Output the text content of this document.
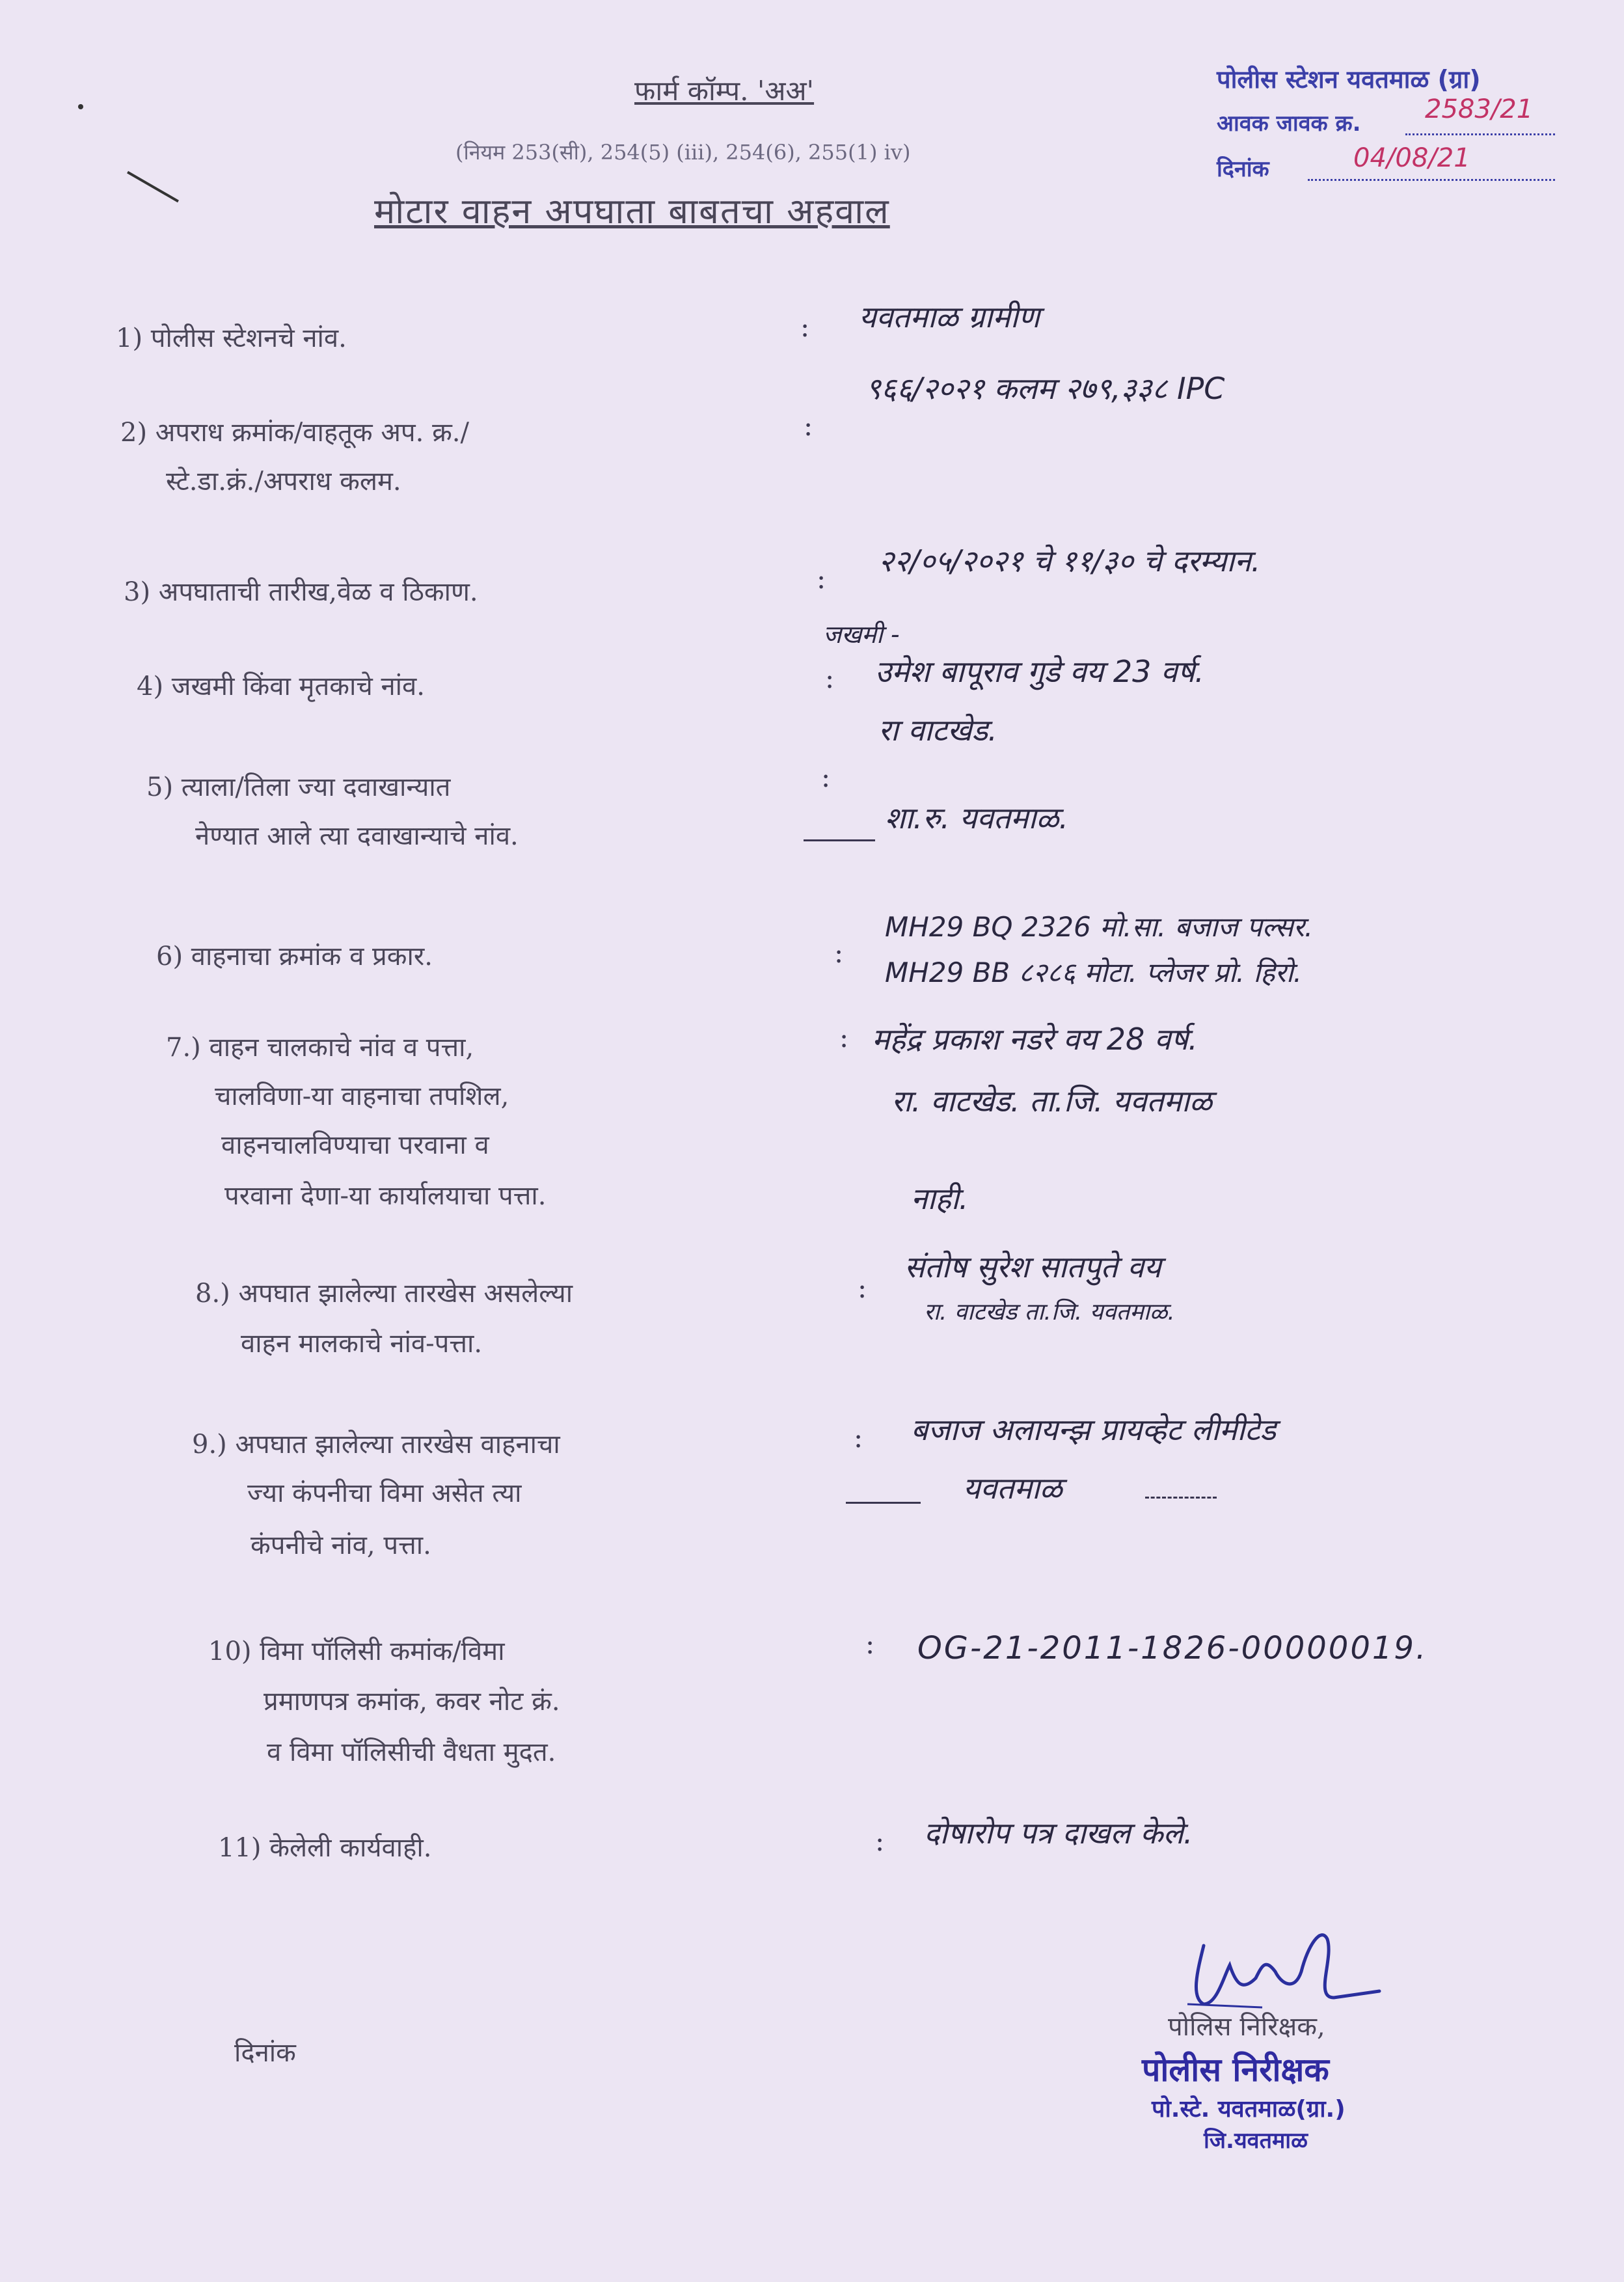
फार्म कॉम्प. 'अअ'
(नियम 253(सी), 254(5) (iii), 254(6), 255(1) iv)
मोटार वाहन अपघाता बाबतचा अहवाल
पोलीस स्टेशन यवतमाळ (ग्रा)
आवक जावक क्र. 2583/21
दिनांक	04/08/21
1) पोलीस स्टेशनचे नांव.	: यवतमाळ ग्रामीण
2) अपराध क्रमांक/वाहतूक अप. क्र./
स्टे.डा.क्रं./अपराध कलम.
:
९६६/२०२१ कलम २७९,३३८ IPC
3) अपघाताची तारीख,वेळ व ठिकाण.	:
२२/०५/२०२१ चे ११/३० चे दरम्यान.
4) जखमी किंवा मृतकाचे नांव.	:
जखमी -
उमेश बापूराव गुडे वय 23 वर्ष.
रा वाटखेड.
5) त्याला/तिला ज्या दवाखान्यात
नेण्यात आले त्या दवाखान्याचे नांव.
:
शा.रु. यवतमाळ.
6) वाहनाचा क्रमांक व प्रकार.	:
MH29 BQ 2326 मो.सा. बजाज पल्सर.
MH29 BB ८२८६ मोटा. प्लेजर प्रो. हिरो.
7.) वाहन चालकाचे नांव व पत्ता,
चालविणा-या वाहनाचा तपशिल,
वाहनचालविण्याचा परवाना व
परवाना देणा-या कार्यालयाचा पत्ता.
: महेंद्र प्रकाश नडरे वय 28 वर्ष.
रा. वाटखेड. ता.जि. यवतमाळ
नाही.
8.) अपघात झालेल्या तारखेस असलेल्या
वाहन मालकाचे नांव-पत्ता.
:
संतोष सुरेश सातपुते वय
रा. वाटखेड ता.जि. यवतमाळ.
9.) अपघात झालेल्या तारखेस वाहनाचा
ज्या कंपनीचा विमा असेत त्या
कंपनीचे नांव, पत्ता.
: बजाज अलायन्झ प्रायव्हेट लीमीटेड
यवतमाळ
10) विमा पॉलिसी कमांक/विमा
प्रमाणपत्र कमांक, कवर नोट क्रं.
व विमा पॉलिसीची वैधता मुदत.
: OG-21-2011-1826-00000019.
11) केलेली कार्यवाही.	: दोषारोप पत्र दाखल केले.
दिनांक
पोलिस निरिक्षक,
पोलीस निरीक्षक
पो.स्टे. यवतमाळ(ग्रा.)
जि.यवतमाळ
